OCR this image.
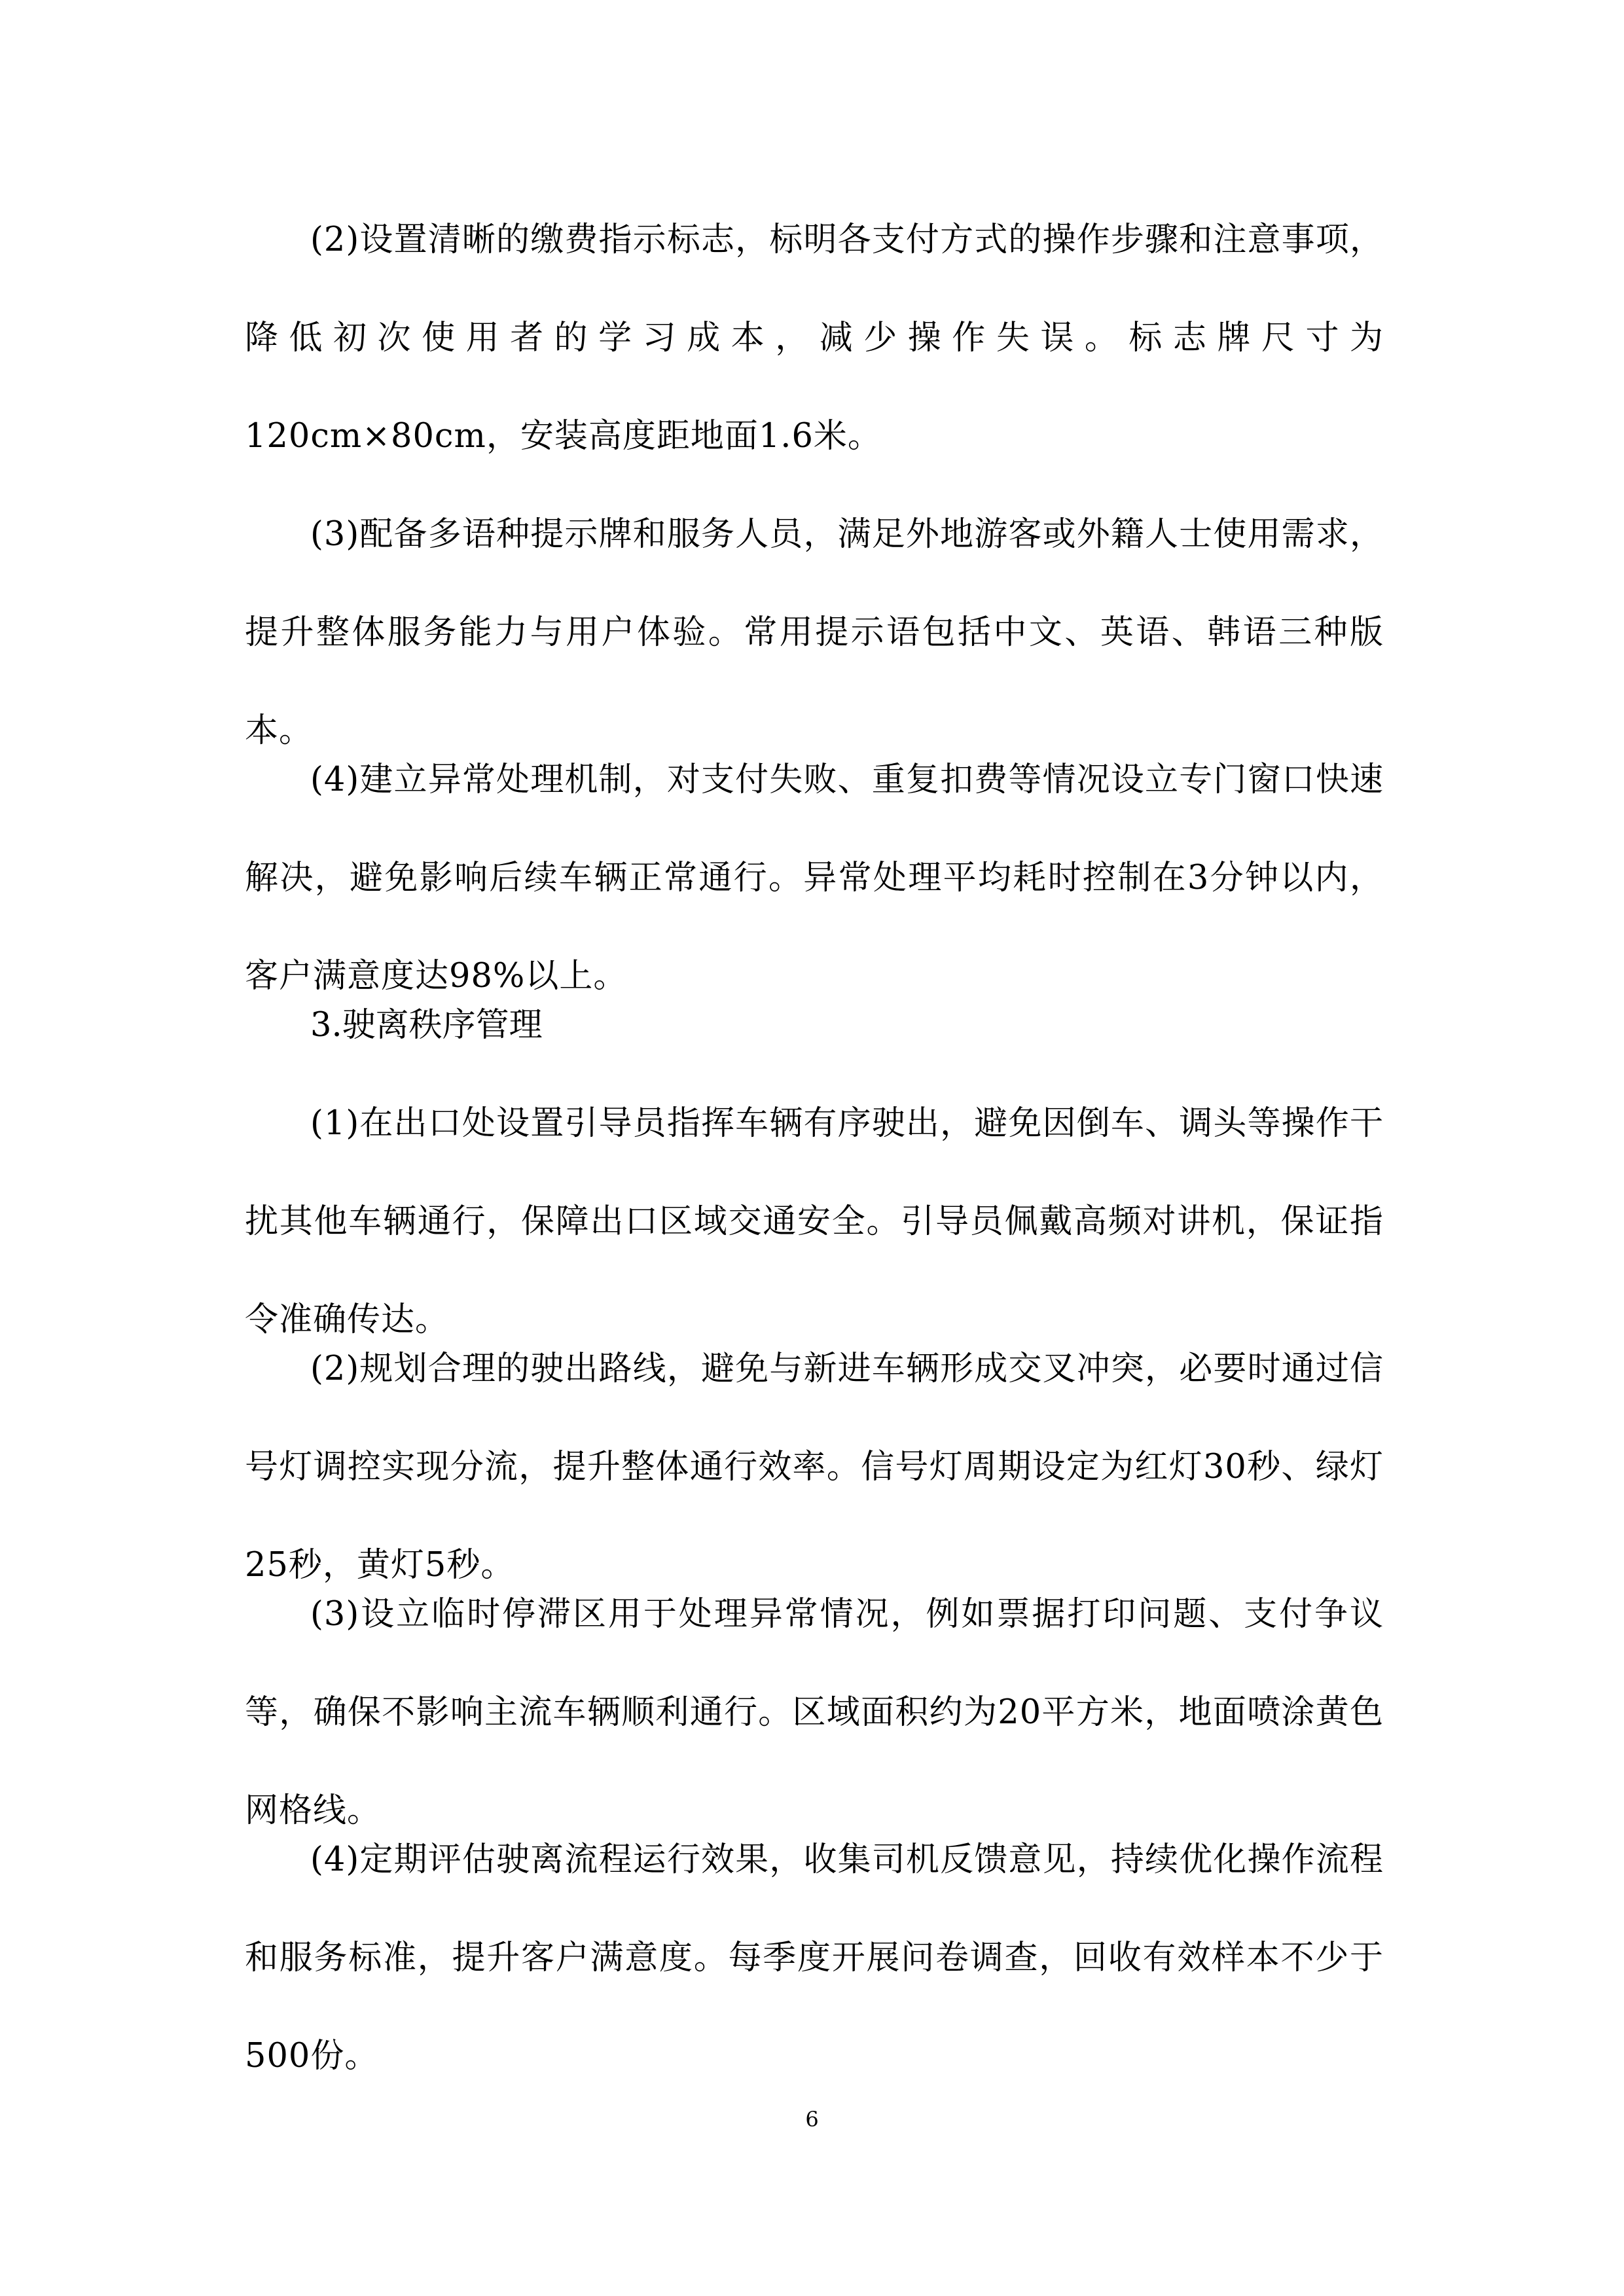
(2)设置清晰的缴费指示标志，标明各支付方式的操作步骤和注意事项，降低初次使用者的学习成本，减少操作失误。标志牌尺寸为120cm×80cm，安装高度距地面1.6米。

(3)配备多语种提示牌和服务人员，满足外地游客或外籍人士使用需求，提升整体服务能力与用户体验。常用提示语包括中文、英语、韩语三种版本。

(4)建立异常处理机制，对支付失败、重复扣费等情况设立专门窗口快速解决，避免影响后续车辆正常通行。异常处理平均耗时控制在3分钟以内，客户满意度达98%以上。

3.驶离秩序管理

(1)在出口处设置引导员指挥车辆有序驶出，避免因倒车、调头等操作干扰其他车辆通行，保障出口区域交通安全。引导员佩戴高频对讲机，保证指令准确传达。

(2)规划合理的驶出路线，避免与新进车辆形成交叉冲突，必要时通过信号灯调控实现分流，提升整体通行效率。信号灯周期设定为红灯30秒、绿灯25秒，黄灯5秒。

(3)设立临时停滞区用于处理异常情况，例如票据打印问题、支付争议等，确保不影响主流车辆顺利通行。区域面积约为20平方米，地面喷涂黄色网格线。

(4)定期评估驶离流程运行效果，收集司机反馈意见，持续优化操作流程和服务标准，提升客户满意度。每季度开展问卷调查，回收有效样本不少于500份。

6
